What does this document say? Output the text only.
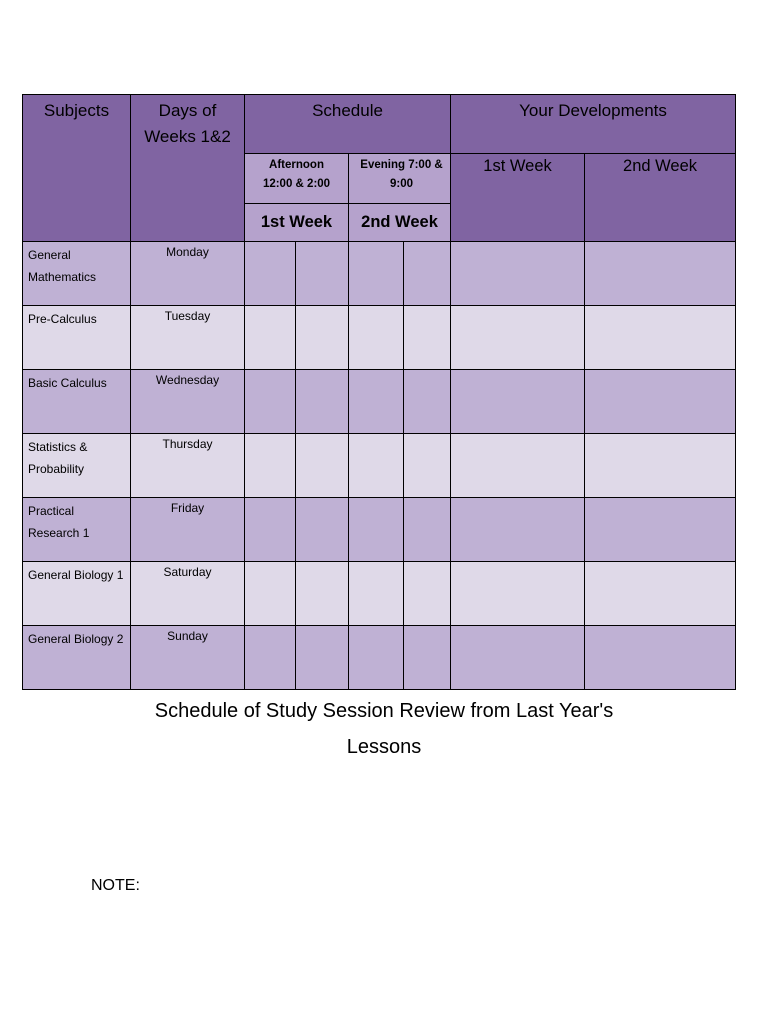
Subjects	Days of Weeks 1&2	Schedule				Your Developments	
		Afternoon 12:00 & 2:00		Evening 7:00 & 9:00		1st Week	2nd Week
		1st Week		2nd Week			
General Mathematics	Monday						
Pre-Calculus	Tuesday						
Basic Calculus	Wednesday						
Statistics & Probability	Thursday						
Practical Research 1	Friday						
General Biology 1	Saturday						
General Biology 2	Sunday						
Schedule of Study Session Review from Last Year's Lessons
NOTE:
